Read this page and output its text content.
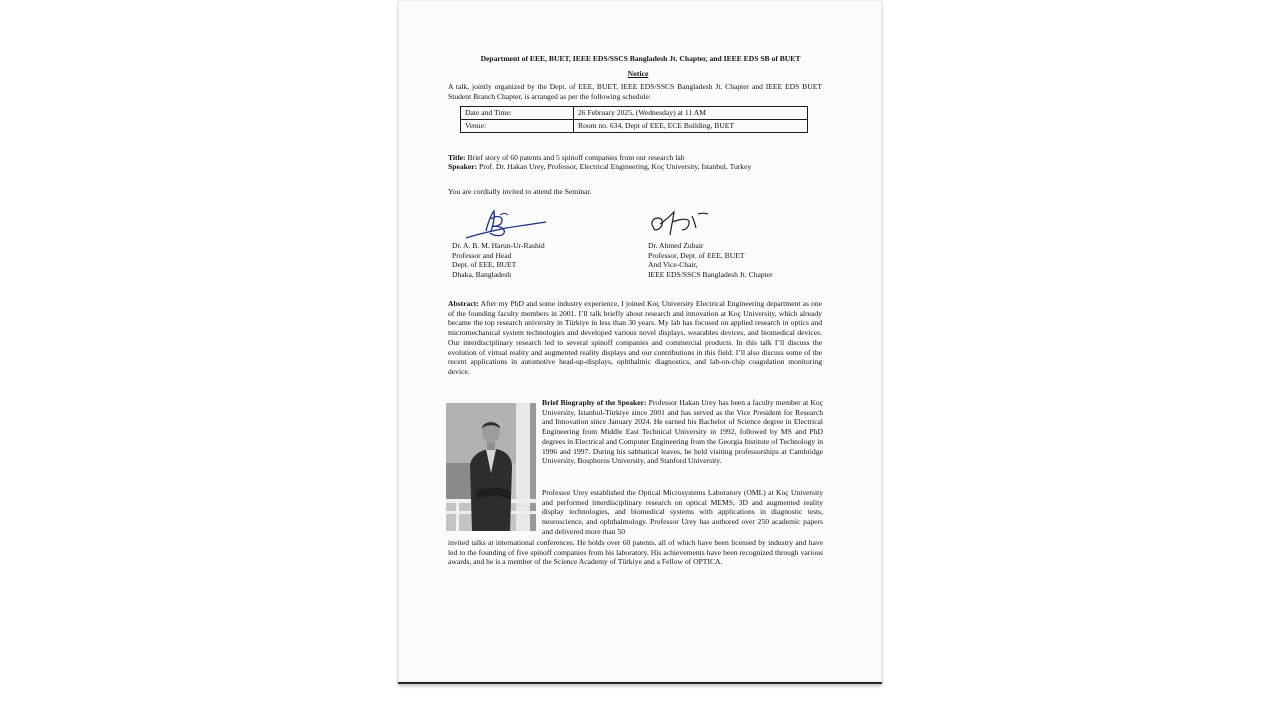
Department of EEE, BUET, IEEE EDS/SSCS Bangladesh Jt. Chapter, and IEEE EDS SB of BUET
Notice
A talk, jointly organized by the Dept. of EEE, BUET, IEEE EDS/SSCS Bangladesh Jt. Chapter and IEEE EDS BUET Student Branch Chapter, is arranged as per the following schedule:
Date and Time:	26 February 2025, (Wednesday) at 11 AM
Venue:	Room no. 634, Dept of EEE, ECE Building, BUET
Title: Brief story of 60 patents and 5 spinoff companies from our research lab
Speaker: Prof. Dr. Hakan Urey, Professor, Electrical Engineering, Koç University, Istanbul, Turkey
You are cordially invited to attend the Seminar.
Dr. A. B. M. Harun-Ur-Rashid
Professor and Head
Dept. of EEE, BUET
Dhaka, Bangladesh
Dr. Ahmed Zubair
Professor, Dept. of EEE, BUET
And Vice-Chair,
IEEE EDS/SSCS Bangladesh Jt. Chapter
Abstract: After my PhD and some industry experience, I joined Koç University Electrical Engineering department as one of the founding faculty members in 2001. I’ll talk briefly about research and innovation at Koç University, which already became the top research university in Türkiye in less than 30 years. My lab has focused on applied research in optics and micromechanical system technologies and developed various novel displays, wearables devices, and biomedical devices. Our interdisciplinary research led to several spinoff companies and commercial products. In this talk I’ll discuss the evolution of virtual reality and augmented reality displays and our contributions in this field. I’ll also discuss some of the recent applications in automotive head-up-displays, ophthalmic diagnostics, and lab-on-chip coagulation monitoring device.
Brief Biography of the Speaker: Professor Hakan Urey has been a faculty member at Koç University, Istanbul-Türkiye since 2001 and has served as the Vice President for Research and Innovation since January 2024. He earned his Bachelor of Science degree in Electrical Engineering from Middle East Technical University in 1992, followed by MS and PhD degrees in Electrical and Computer Engineering from the Georgia Institute of Technology in 1996 and 1997. During his sabbatical leaves, he held visiting professorships at Cambridge University, Bosphorus University, and Stanford University.
Professor Urey established the Optical Microsystems Laboratory (OML) at Koç University and performed interdisciplinary research on optical MEMS, 3D and augmented reality display technologies, and biomedical systems with applications in diagnostic tests, neuroscience, and ophthalmology. Professor Urey has authored over 250 academic papers and delivered more than 50
invited talks at international conferences. He holds over 60 patents, all of which have been licensed by industry and have led to the founding of five spinoff companies from his laboratory. His achievements have been recognized through various awards, and he is a member of the Science Academy of Türkiye and a Fellow of OPTICA.
